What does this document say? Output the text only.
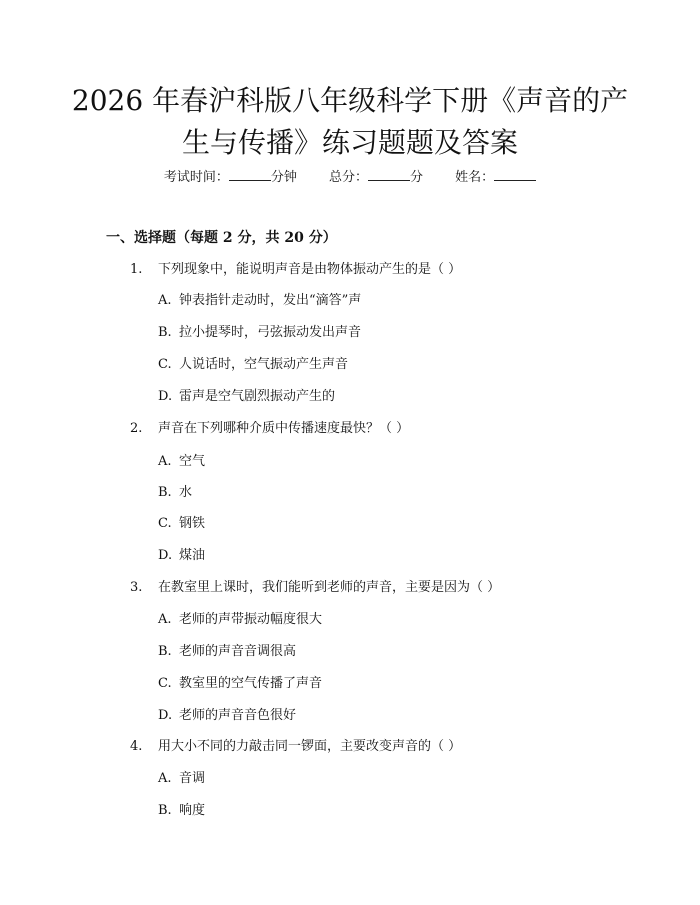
2026 年春沪科版八年级科学下册《声音的产
生与传播》练习题题及答案
考试时间：	分钟 总分：	分 姓名：
一、选择题（每题 2 分，共 20 分）
1. 下列现象中，能说明声音是由物体振动产生的是（ ）
A. 钟表指针走动时，发出“滴答”声
B. 拉小提琴时，弓弦振动发出声音
C. 人说话时，空气振动产生声音
D. 雷声是空气剧烈振动产生的
2. 声音在下列哪种介质中传播速度最快？（ ）
A. 空气
B. 水
C. 钢铁
D. 煤油
3. 在教室里上课时，我们能听到老师的声音，主要是因为（ ）
A. 老师的声带振动幅度很大
B. 老师的声音音调很高
C. 教室里的空气传播了声音
D. 老师的声音音色很好
4. 用大小不同的力敲击同一锣面，主要改变声音的（ ）
A. 音调
B. 响度
